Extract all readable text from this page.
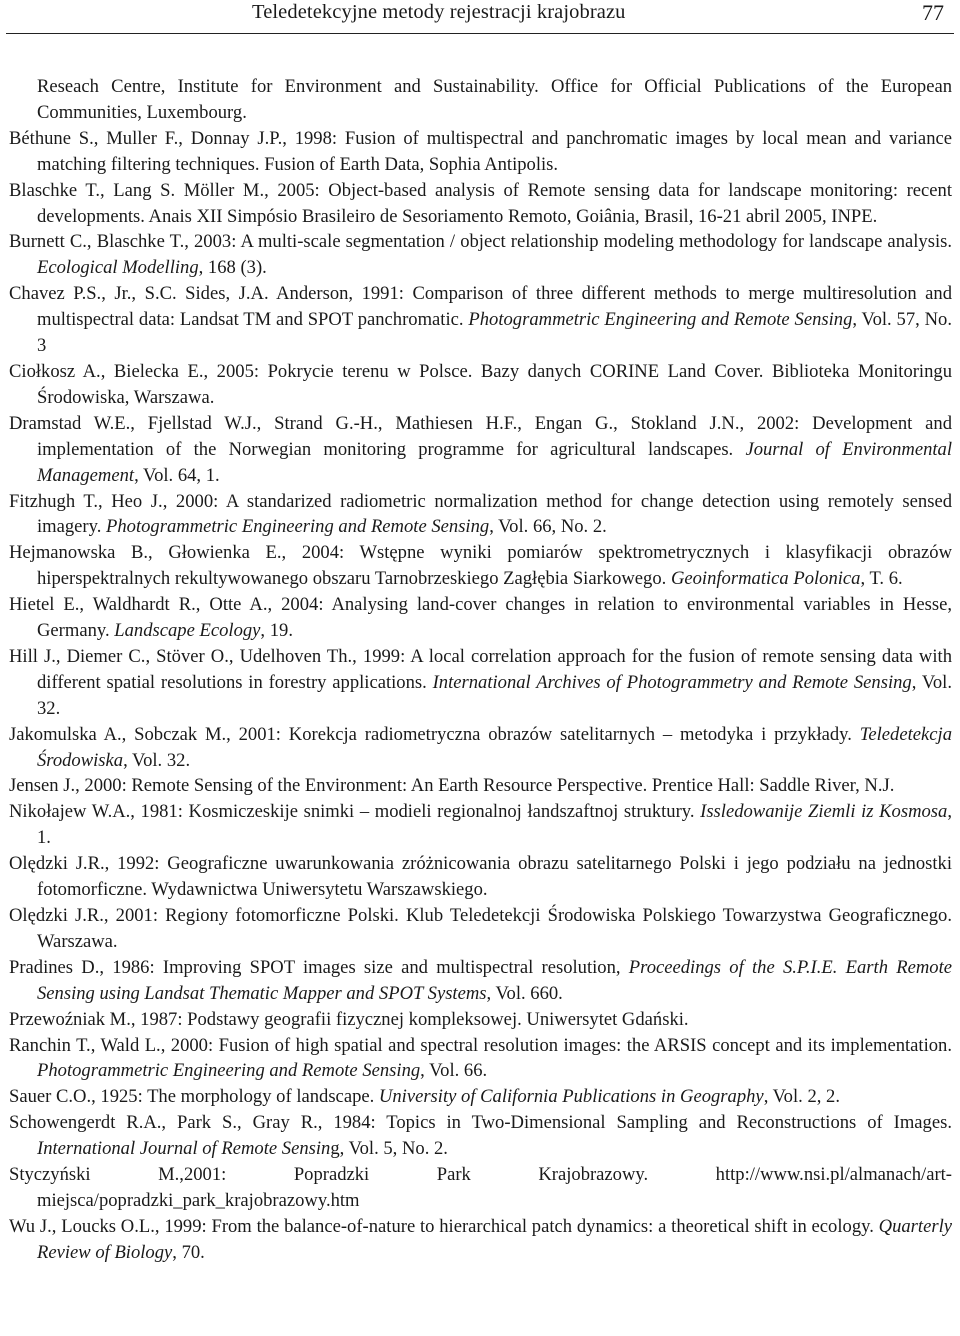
Teledetekcyjne metody rejestracji krajobrazu	77

Reseach Centre, Institute for Environment and Sustainability. Office for Official Publications of the European Communities, Luxembourg.

Béthune S., Muller F., Donnay J.P., 1998: Fusion of multispectral and panchromatic images by local mean and variance matching filtering techniques. Fusion of Earth Data, Sophia Antipolis.

Blaschke T., Lang S. Möller M., 2005: Object-based analysis of Remote sensing data for landscape monitoring: recent developments. Anais XII Simpósio Brasileiro de Sesoriamento Remoto, Goiânia, Brasil, 16-21 abril 2005, INPE.

Burnett C., Blaschke T., 2003: A multi-scale segmentation / object relationship modeling methodology for landscape analysis. Ecological Modelling, 168 (3).

Chavez P.S., Jr., S.C. Sides, J.A. Anderson, 1991: Comparison of three different methods to merge multiresolution and multispectral data: Landsat TM and SPOT panchromatic. Photogrammetric Engineering and Remote Sensing, Vol. 57, No. 3

Ciołkosz A., Bielecka E., 2005: Pokrycie terenu w Polsce. Bazy danych CORINE Land Cover. Biblioteka Monitoringu Środowiska, Warszawa.

Dramstad W.E., Fjellstad W.J., Strand G.-H., Mathiesen H.F., Engan G., Stokland J.N., 2002: Development and implementation of the Norwegian monitoring programme for agricultural landscapes. Journal of Environmental Management, Vol. 64, 1.

Fitzhugh T., Heo J., 2000: A standarized radiometric normalization method for change detection using remotely sensed imagery. Photogrammetric Engineering and Remote Sensing, Vol. 66, No. 2.

Hejmanowska B., Głowienka E., 2004: Wstępne wyniki pomiarów spektrometrycznych i klasyfikacji obrazów hiperspektralnych rekultywowanego obszaru Tarnobrzeskiego Zagłębia Siarkowego. Geoinformatica Polonica, T. 6.

Hietel E., Waldhardt R., Otte A., 2004: Analysing land-cover changes in relation to environmental variables in Hesse, Germany. Landscape Ecology, 19.

Hill J., Diemer C., Stöver O., Udelhoven Th., 1999: A local correlation approach for the fusion of remote sensing data with different spatial resolutions in forestry applications. International Archives of Photogrammetry and Remote Sensing, Vol. 32.

Jakomulska A., Sobczak M., 2001: Korekcja radiometryczna obrazów satelitarnych – metodyka i przykłady. Teledetekcja Środowiska, Vol. 32.

Jensen J., 2000: Remote Sensing of the Environment: An Earth Resource Perspective. Prentice Hall: Saddle River, N.J.

Nikołajew W.A., 1981: Kosmiczeskije snimki – modieli regionalnoj łandszaftnoj struktury. Issledowanije Ziemli iz Kosmosa, 1.

Olędzki J.R., 1992: Geograficzne uwarunkowania zróżnicowania obrazu satelitarnego Polski i jego podziału na jednostki fotomorficzne. Wydawnictwa Uniwersytetu Warszawskiego.

Olędzki J.R., 2001: Regiony fotomorficzne Polski. Klub Teledetekcji Środowiska Polskiego Towarzystwa Geograficznego. Warszawa.

Pradines D., 1986: Improving SPOT images size and multispectral resolution, Proceedings of the S.P.I.E. Earth Remote Sensing using Landsat Thematic Mapper and SPOT Systems, Vol. 660.

Przewoźniak M., 1987: Podstawy geografii fizycznej kompleksowej. Uniwersytet Gdański.

Ranchin T., Wald L., 2000: Fusion of high spatial and spectral resolution images: the ARSIS concept and its implementation. Photogrammetric Engineering and Remote Sensing, Vol. 66.

Sauer C.O., 1925: The morphology of landscape. University of California Publications in Geography, Vol. 2, 2.

Schowengerdt R.A., Park S., Gray R., 1984: Topics in Two-Dimensional Sampling and Reconstructions of Images. International Journal of Remote Sensing, Vol. 5, No. 2.

Styczyński M.,2001: Popradzki Park Krajobrazowy. http://www.nsi.pl/almanach/art-miejsca/popradzki_park_krajobrazowy.htm

Wu J., Loucks O.L., 1999: From the balance-of-nature to hierarchical patch dynamics: a theoretical shift in ecology. Quarterly Review of Biology, 70.
